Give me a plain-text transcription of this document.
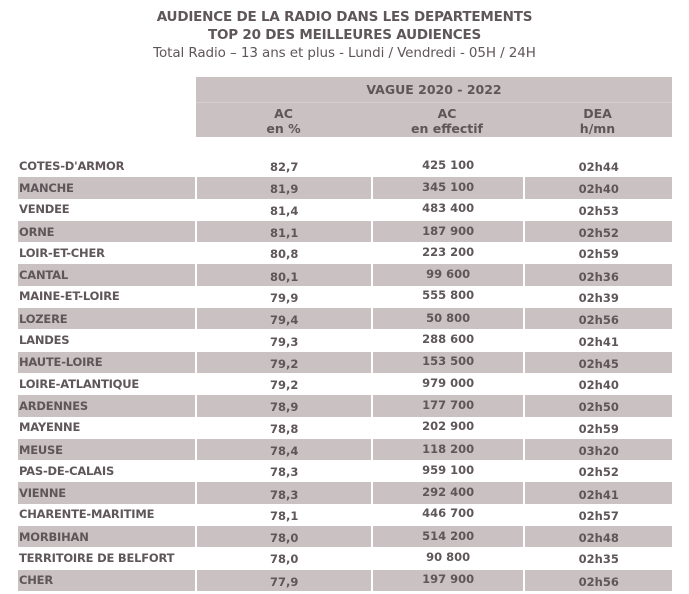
AUDIENCE DE LA RADIO DANS LES DEPARTEMENTS
TOP 20 DES MEILLEURES AUDIENCES
Total Radio – 13 ans et plus - Lundi / Vendredi - 05H / 24H
VAGUE 2020 - 2022
AC
en %
AC
en effectif
DEA
h/mn
COTES-D'ARMOR	82,7	425 100	02h44
MANCHE	81,9	345 100	02h40
VENDEE	81,4	483 400	02h53
ORNE	81,1	187 900	02h52
LOIR-ET-CHER	80,8	223 200	02h59
CANTAL	80,1	99 600	02h36
MAINE-ET-LOIRE	79,9	555 800	02h39
LOZERE	79,4	50 800	02h56
LANDES	79,3	288 600	02h41
HAUTE-LOIRE	79,2	153 500	02h45
LOIRE-ATLANTIQUE	79,2	979 000	02h40
ARDENNES	78,9	177 700	02h50
MAYENNE	78,8	202 900	02h59
MEUSE	78,4	118 200	03h20
PAS-DE-CALAIS	78,3	959 100	02h52
VIENNE	78,3	292 400	02h41
CHARENTE-MARITIME	78,1	446 700	02h57
MORBIHAN	78,0	514 200	02h48
TERRITOIRE DE BELFORT	78,0	90 800	02h35
CHER	77,9	197 900	02h56
